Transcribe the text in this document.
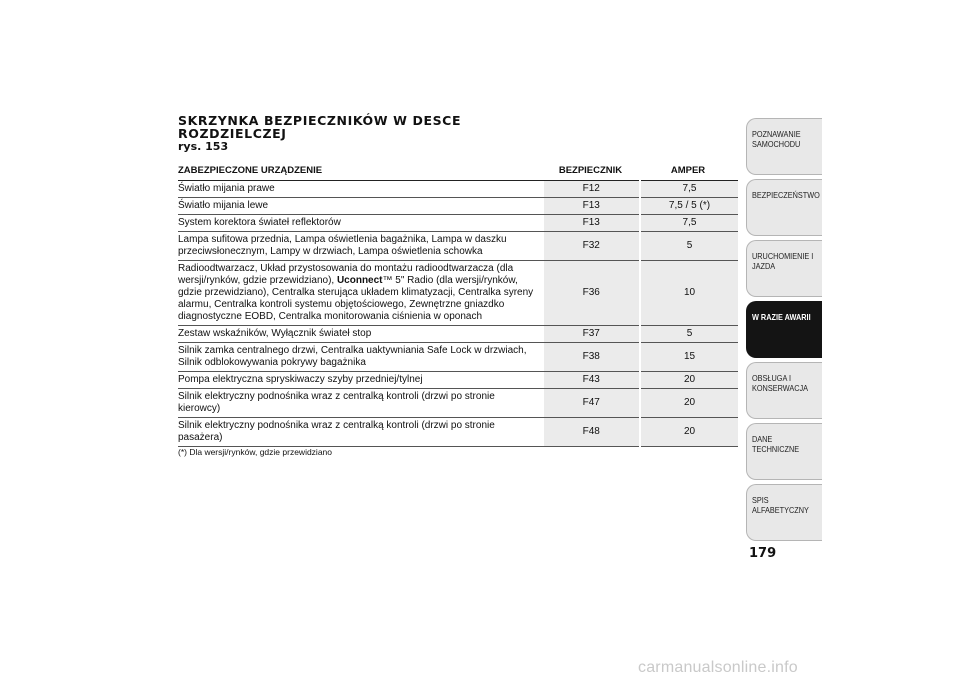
SKRZYNKA BEZPIECZNIKÓW W DESCE

ROZDZIELCZEJ

rys. 153

ZABEZPIECZONE URZĄDZENIE	BEZPIECZNIK	AMPER
Światło mijania prawe	F12	7,5
Światło mijania lewe	F13	7,5 / 5 (*)
System korektora świateł reflektorów	F13	7,5
Lampa sufitowa przednia, Lampa oświetlenia bagażnika, Lampa w daszku przeciwsłonecznym, Lampy w drzwiach, Lampa oświetlenia schowka	F32	5
Radioodtwarzacz, Układ przystosowania do montażu radioodtwarzacza (dla wersji/rynków, gdzie przewidziano), Uconnect™ 5" Radio (dla wersji/rynków, gdzie przewidziano), Centralka sterująca układem klimatyzacji, Centralka syreny alarmu, Centralka kontroli systemu objętościowego, Zewnętrzne gniazdko diagnostyczne EOBD, Centralka monitorowania ciśnienia w oponach	F36	10
Zestaw wskaźników, Wyłącznik świateł stop	F37	5
Silnik zamka centralnego drzwi, Centralka uaktywniania Safe Lock w drzwiach, Silnik odblokowywania pokrywy bagażnika	F38	15
Pompa elektryczna spryskiwaczy szyby przedniej/tylnej	F43	20
Silnik elektryczny podnośnika wraz z centralką kontroli (drzwi po stronie kierowcy)	F47	20
Silnik elektryczny podnośnika wraz z centralką kontroli (drzwi po stronie pasażera)	F48	20
(*) Dla wersji/rynków, gdzie przewidziano
POZNAWANIE SAMOCHODU
BEZPIECZEŃSTWO
URUCHOMIENIE I JAZDA
W RAZIE AWARII
OBSŁUGA I KONSERWACJA
DANE TECHNICZNE
SPIS ALFABETYCZNY
179
carmanualsonline.info
